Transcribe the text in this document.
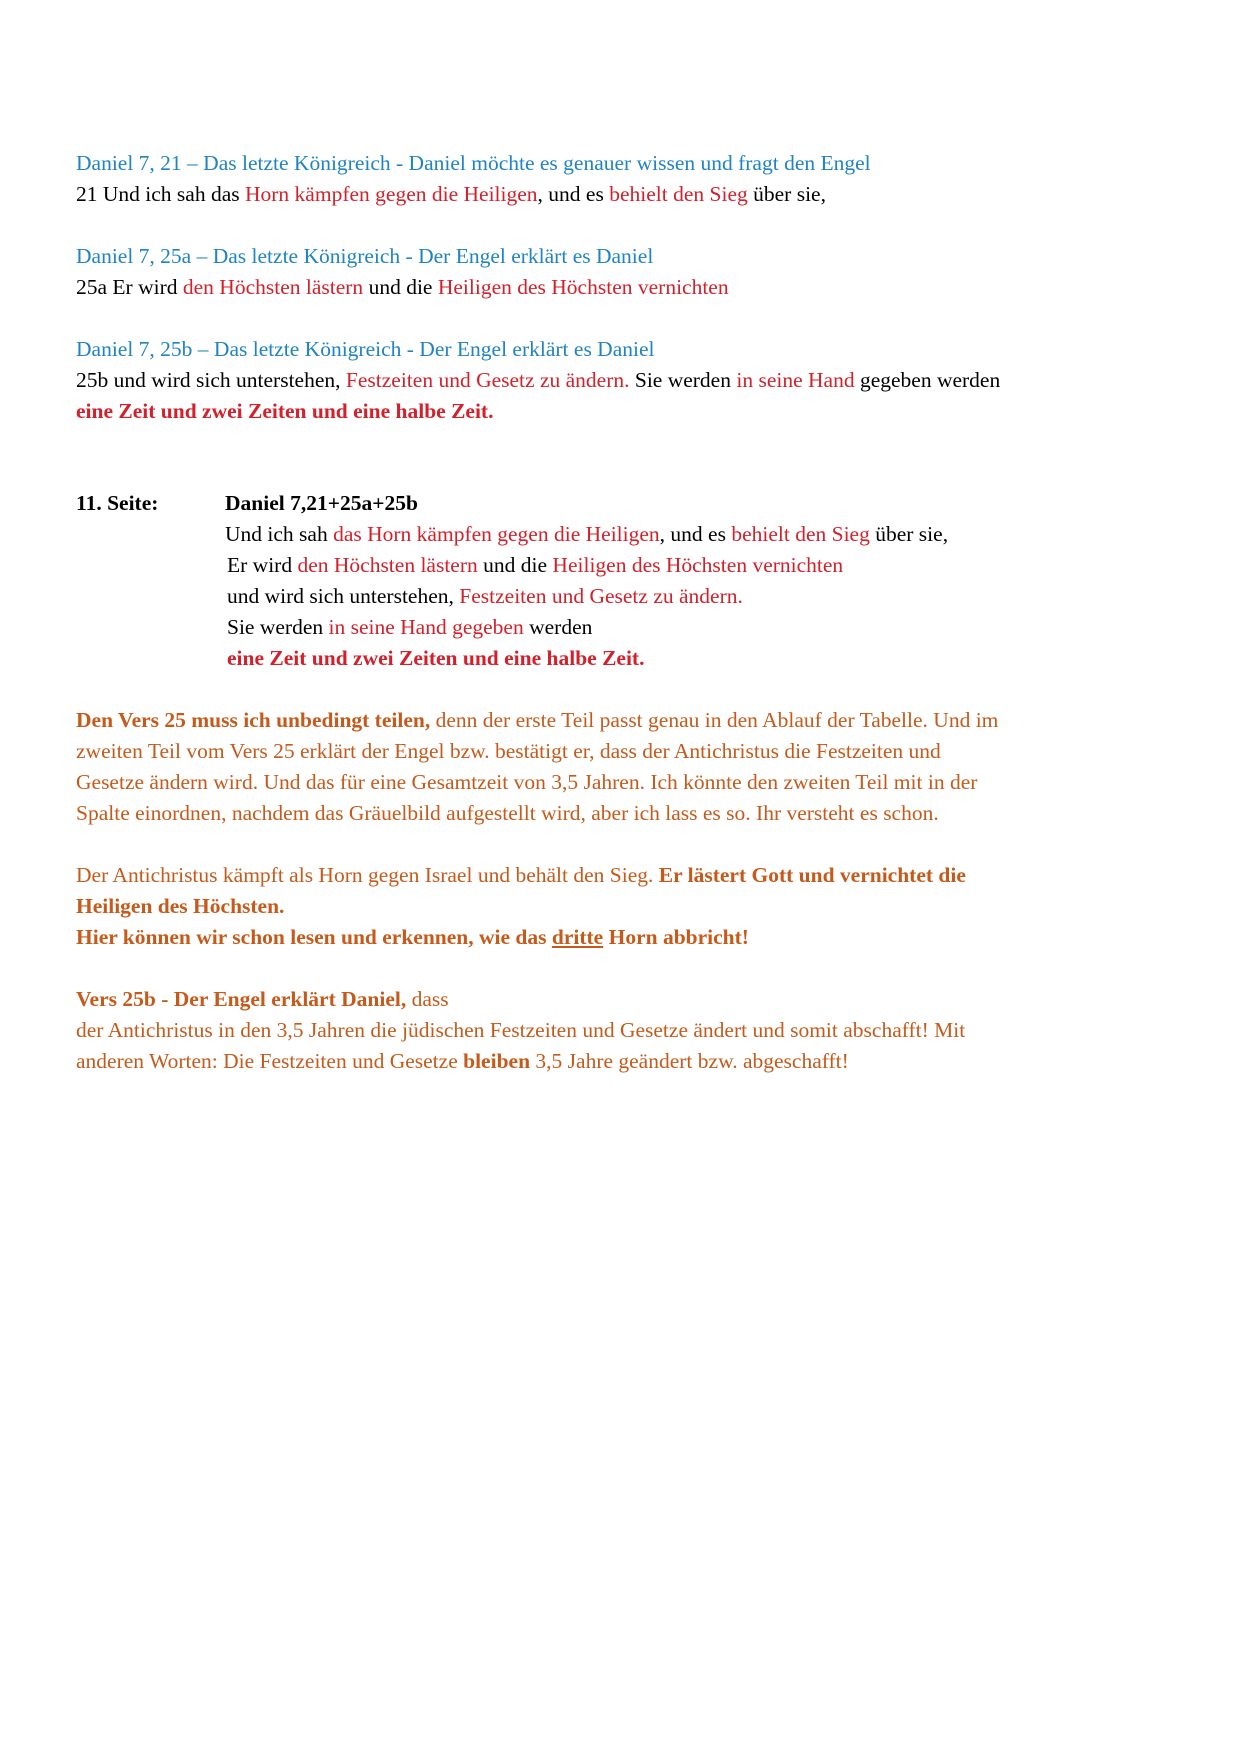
Daniel 7, 21 – Das letzte Königreich - Daniel möchte es genauer wissen und fragt den Engel
21 Und ich sah das Horn kämpfen gegen die Heiligen, und es behielt den Sieg über sie,
Daniel 7, 25a – Das letzte Königreich - Der Engel erklärt es Daniel
25a Er wird den Höchsten lästern und die Heiligen des Höchsten vernichten
Daniel 7, 25b – Das letzte Königreich - Der Engel erklärt es Daniel
25b und wird sich unterstehen, Festzeiten und Gesetz zu ändern. Sie werden in seine Hand gegeben werden
eine Zeit und zwei Zeiten und eine halbe Zeit.
11. Seite:	Daniel 7,21+25a+25b
Und ich sah das Horn kämpfen gegen die Heiligen, und es behielt den Sieg über sie,
Er wird den Höchsten lästern und die Heiligen des Höchsten vernichten
und wird sich unterstehen, Festzeiten und Gesetz zu ändern.
Sie werden in seine Hand gegeben werden
eine Zeit und zwei Zeiten und eine halbe Zeit.
Den Vers 25 muss ich unbedingt teilen, denn der erste Teil passt genau in den Ablauf der Tabelle. Und im
zweiten Teil vom Vers 25 erklärt der Engel bzw. bestätigt er, dass der Antichristus die Festzeiten und
Gesetze ändern wird. Und das für eine Gesamtzeit von 3,5 Jahren. Ich könnte den zweiten Teil mit in der
Spalte einordnen, nachdem das Gräuelbild aufgestellt wird, aber ich lass es so. Ihr versteht es schon.
Der Antichristus kämpft als Horn gegen Israel und behält den Sieg. Er lästert Gott und vernichtet die
Heiligen des Höchsten.
Hier können wir schon lesen und erkennen, wie das dritte Horn abbricht!
Vers 25b - Der Engel erklärt Daniel, dass
der Antichristus in den 3,5 Jahren die jüdischen Festzeiten und Gesetze ändert und somit abschafft! Mit
anderen Worten: Die Festzeiten und Gesetze bleiben 3,5 Jahre geändert bzw. abgeschafft!
